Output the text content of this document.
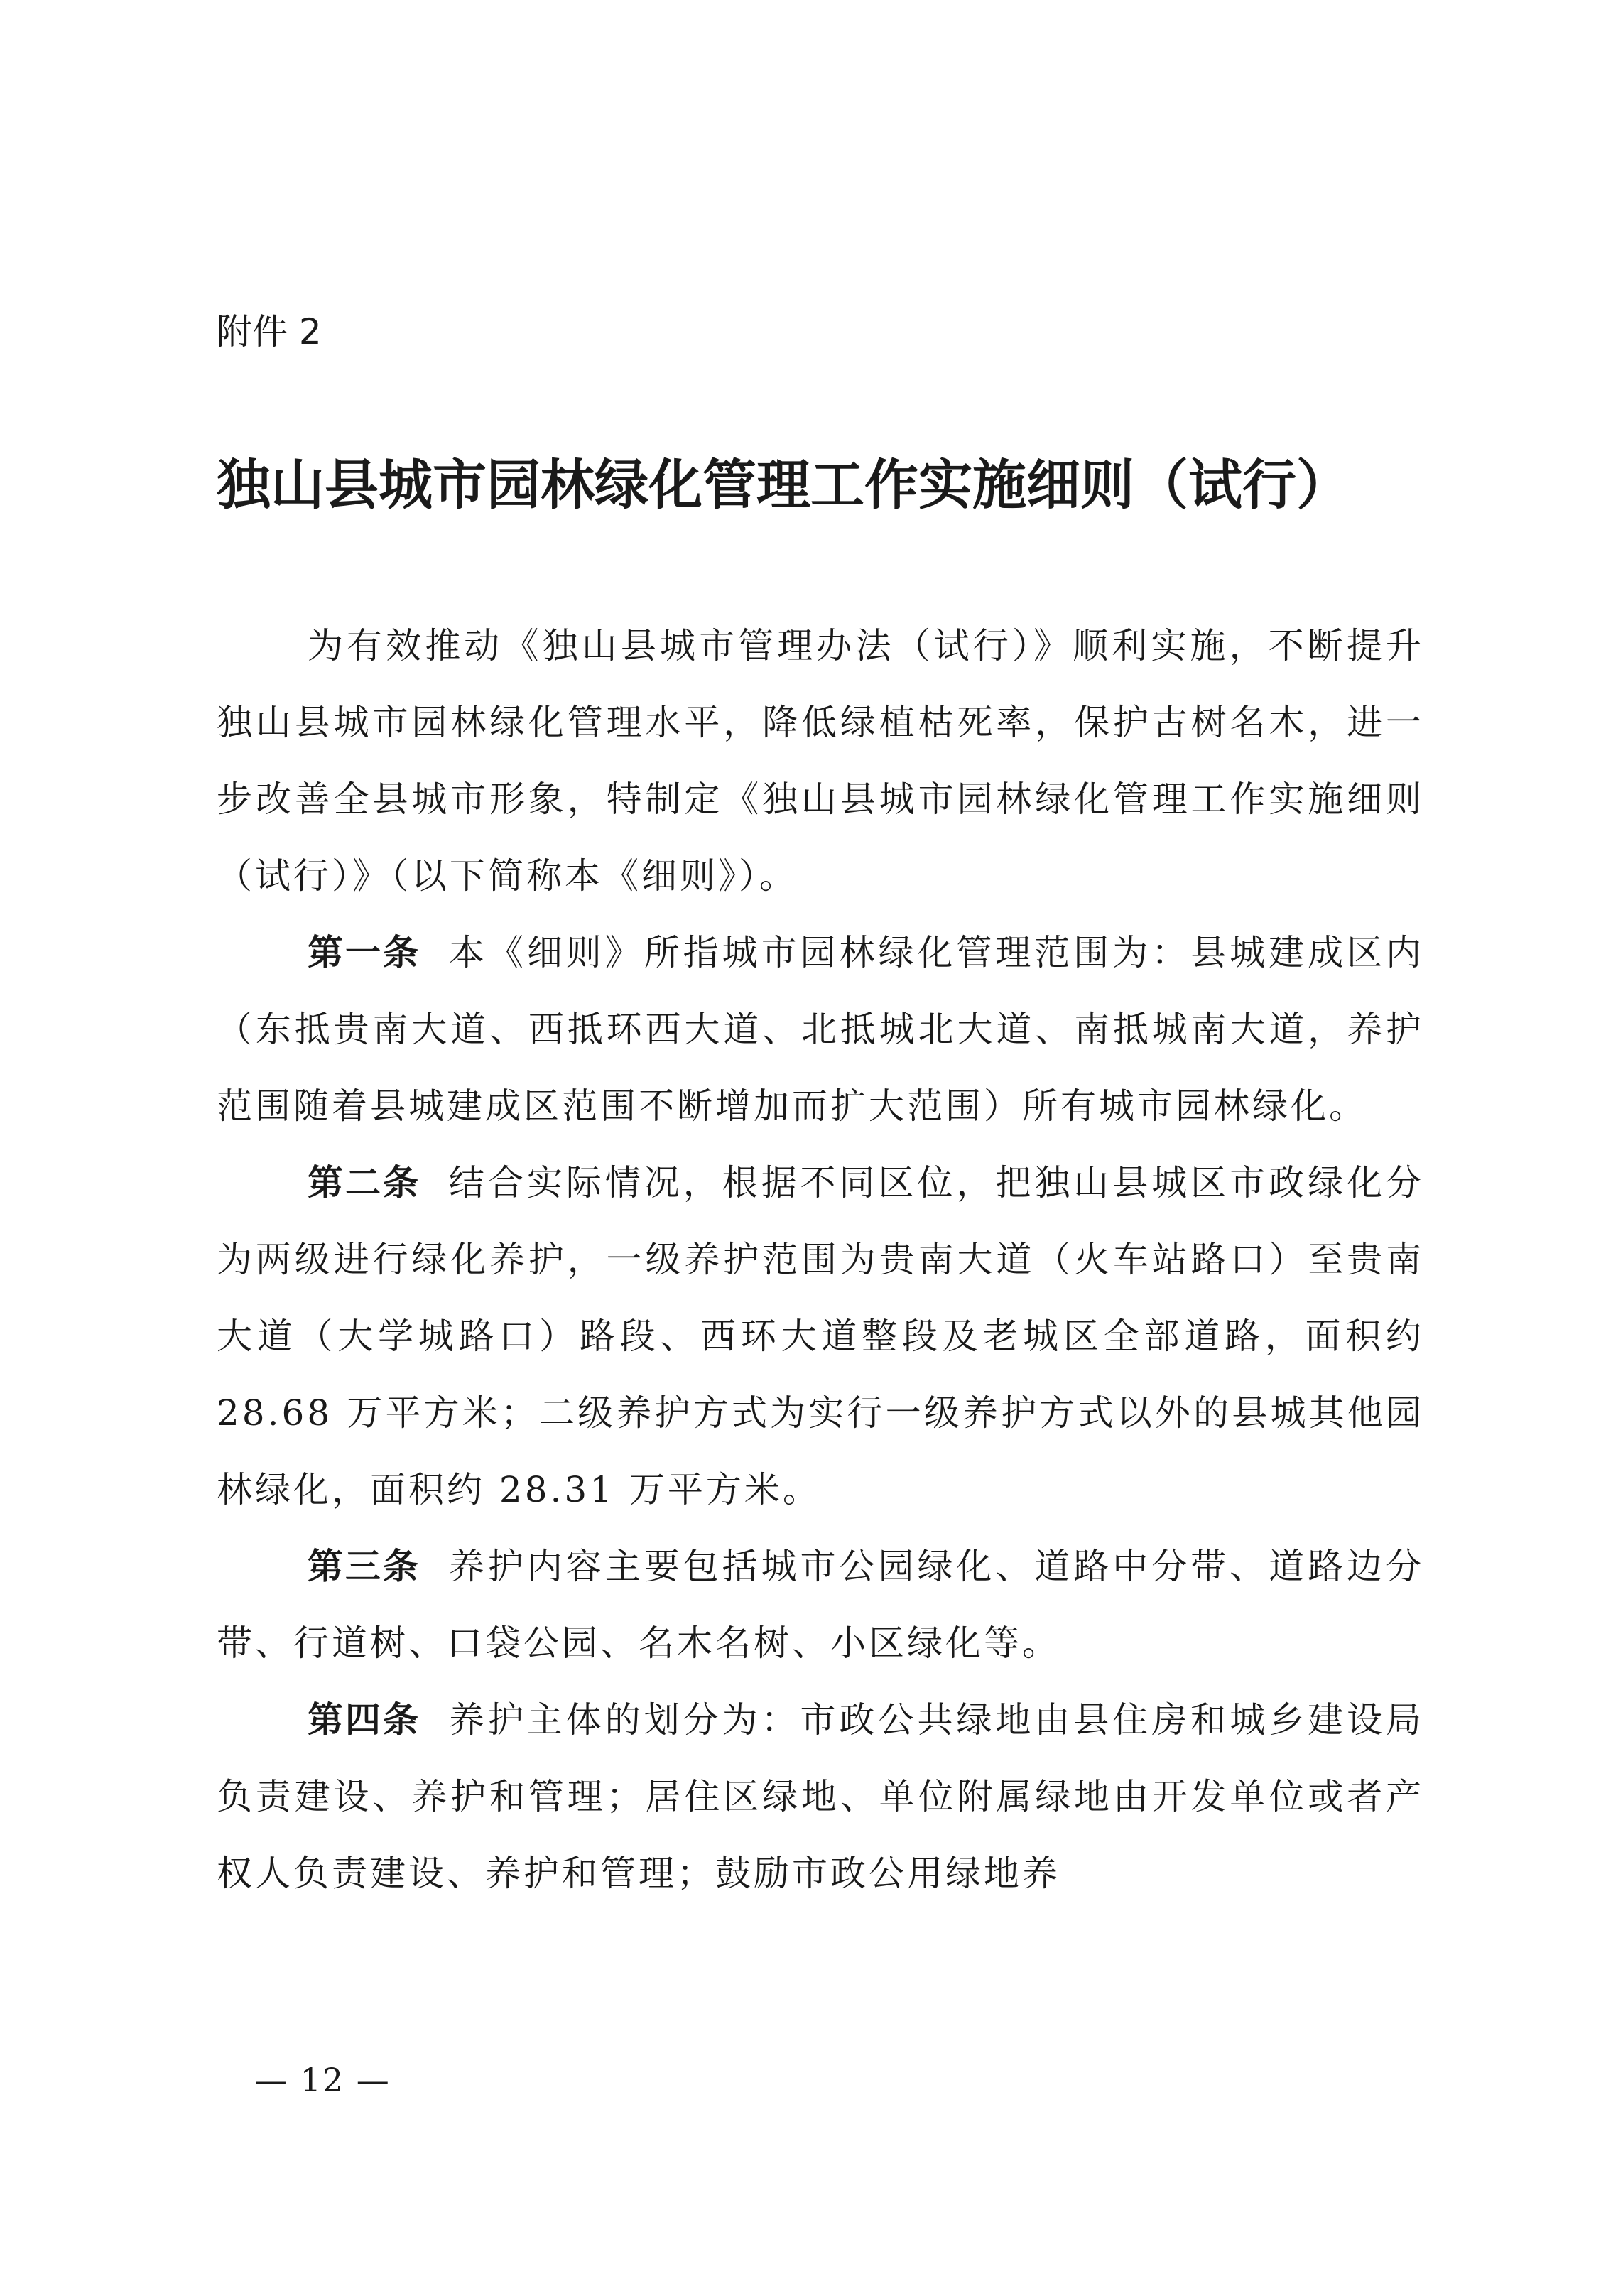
附件 2

独山县城市园林绿化管理工作实施细则（试行）

为有效推动《独山县城市管理办法（试行）》顺利实施，不断提升独山县城市园林绿化管理水平，降低绿植枯死率，保护古树名木，进一步改善全县城市形象，特制定《独山县城市园林绿化管理工作实施细则（试行）》（以下简称本《细则》）。

第一条 本《细则》所指城市园林绿化管理范围为：县城建成区内（东抵贵南大道、西抵环西大道、北抵城北大道、南抵城南大道，养护范围随着县城建成区范围不断增加而扩大范围）所有城市园林绿化。

第二条 结合实际情况，根据不同区位，把独山县城区市政绿化分为两级进行绿化养护，一级养护范围为贵南大道（火车站路口）至贵南大道（大学城路口）路段、西环大道整段及老城区全部道路，面积约 28.68 万平方米；二级养护方式为实行一级养护方式以外的县城其他园林绿化，面积约 28.31 万平方米。

第三条 养护内容主要包括城市公园绿化、道路中分带、道路边分带、行道树、口袋公园、名木名树、小区绿化等。

第四条 养护主体的划分为：市政公共绿地由县住房和城乡建设局负责建设、养护和管理；居住区绿地、单位附属绿地由开发单位或者产权人负责建设、养护和管理；鼓励市政公用绿地养

— 12 —
